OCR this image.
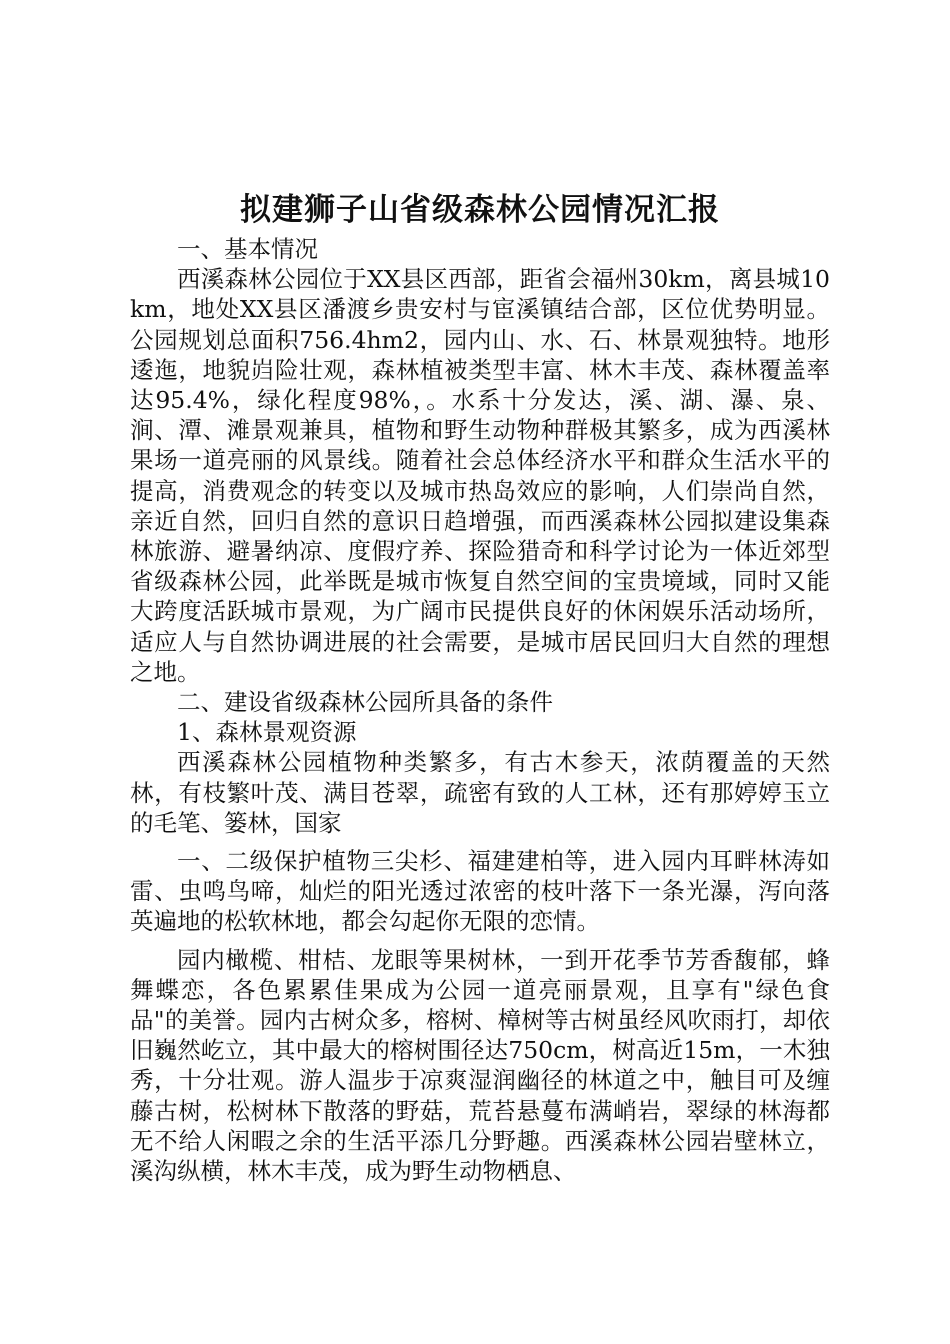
拟建狮子山省级森林公园情况汇报

一、基本情况

西溪森林公园位于XX县区西部，距省会福州30km，离县城10km，地处XX县区潘渡乡贵安村与宦溪镇结合部，区位优势明显。公园规划总面积756.4hm2，园内山、水、石、林景观独特。地形逶迤，地貌岿险壮观，森林植被类型丰富、林木丰茂、森林覆盖率达95.4%，绿化程度98%，。水系十分发达，溪、湖、瀑、泉、涧、潭、滩景观兼具，植物和野生动物种群极其繁多，成为西溪林果场一道亮丽的风景线。随着社会总体经济水平和群众生活水平的提高，消费观念的转变以及城市热岛效应的影响，人们崇尚自然，亲近自然，回归自然的意识日趋增强，而西溪森林公园拟建设集森林旅游、避暑纳凉、度假疗养、探险猎奇和科学讨论为一体近郊型省级森林公园，此举既是城市恢复自然空间的宝贵境域，同时又能大跨度活跃城市景观，为广阔市民提供良好的休闲娱乐活动场所，适应人与自然协调进展的社会需要，是城市居民回归大自然的理想之地。

二、建设省级森林公园所具备的条件

1、森林景观资源

西溪森林公园植物种类繁多，有古木参天，浓荫覆盖的天然林，有枝繁叶茂、满目苍翠，疏密有致的人工林，还有那婷婷玉立的毛笔、篓林，国家

一、二级保护植物三尖杉、福建建柏等，进入园内耳畔林涛如雷、虫鸣鸟啼，灿烂的阳光透过浓密的枝叶落下一条光瀑，泻向落英遍地的松软林地，都会勾起你无限的恋情。

园内橄榄、柑桔、龙眼等果树林，一到开花季节芳香馥郁，蜂舞蝶恋，各色累累佳果成为公园一道亮丽景观，且享有"绿色食品"的美誉。园内古树众多，榕树、樟树等古树虽经风吹雨打，却依旧巍然屹立，其中最大的榕树围径达750cm，树高近15m，一木独秀，十分壮观。游人温步于凉爽湿润幽径的林道之中，触目可及缠藤古树，松树林下散落的野菇，荒苔悬蔓布满峭岩，翠绿的林海都无不给人闲暇之余的生活平添几分野趣。西溪森林公园岩壁林立，溪沟纵横，林木丰茂，成为野生动物栖息、
